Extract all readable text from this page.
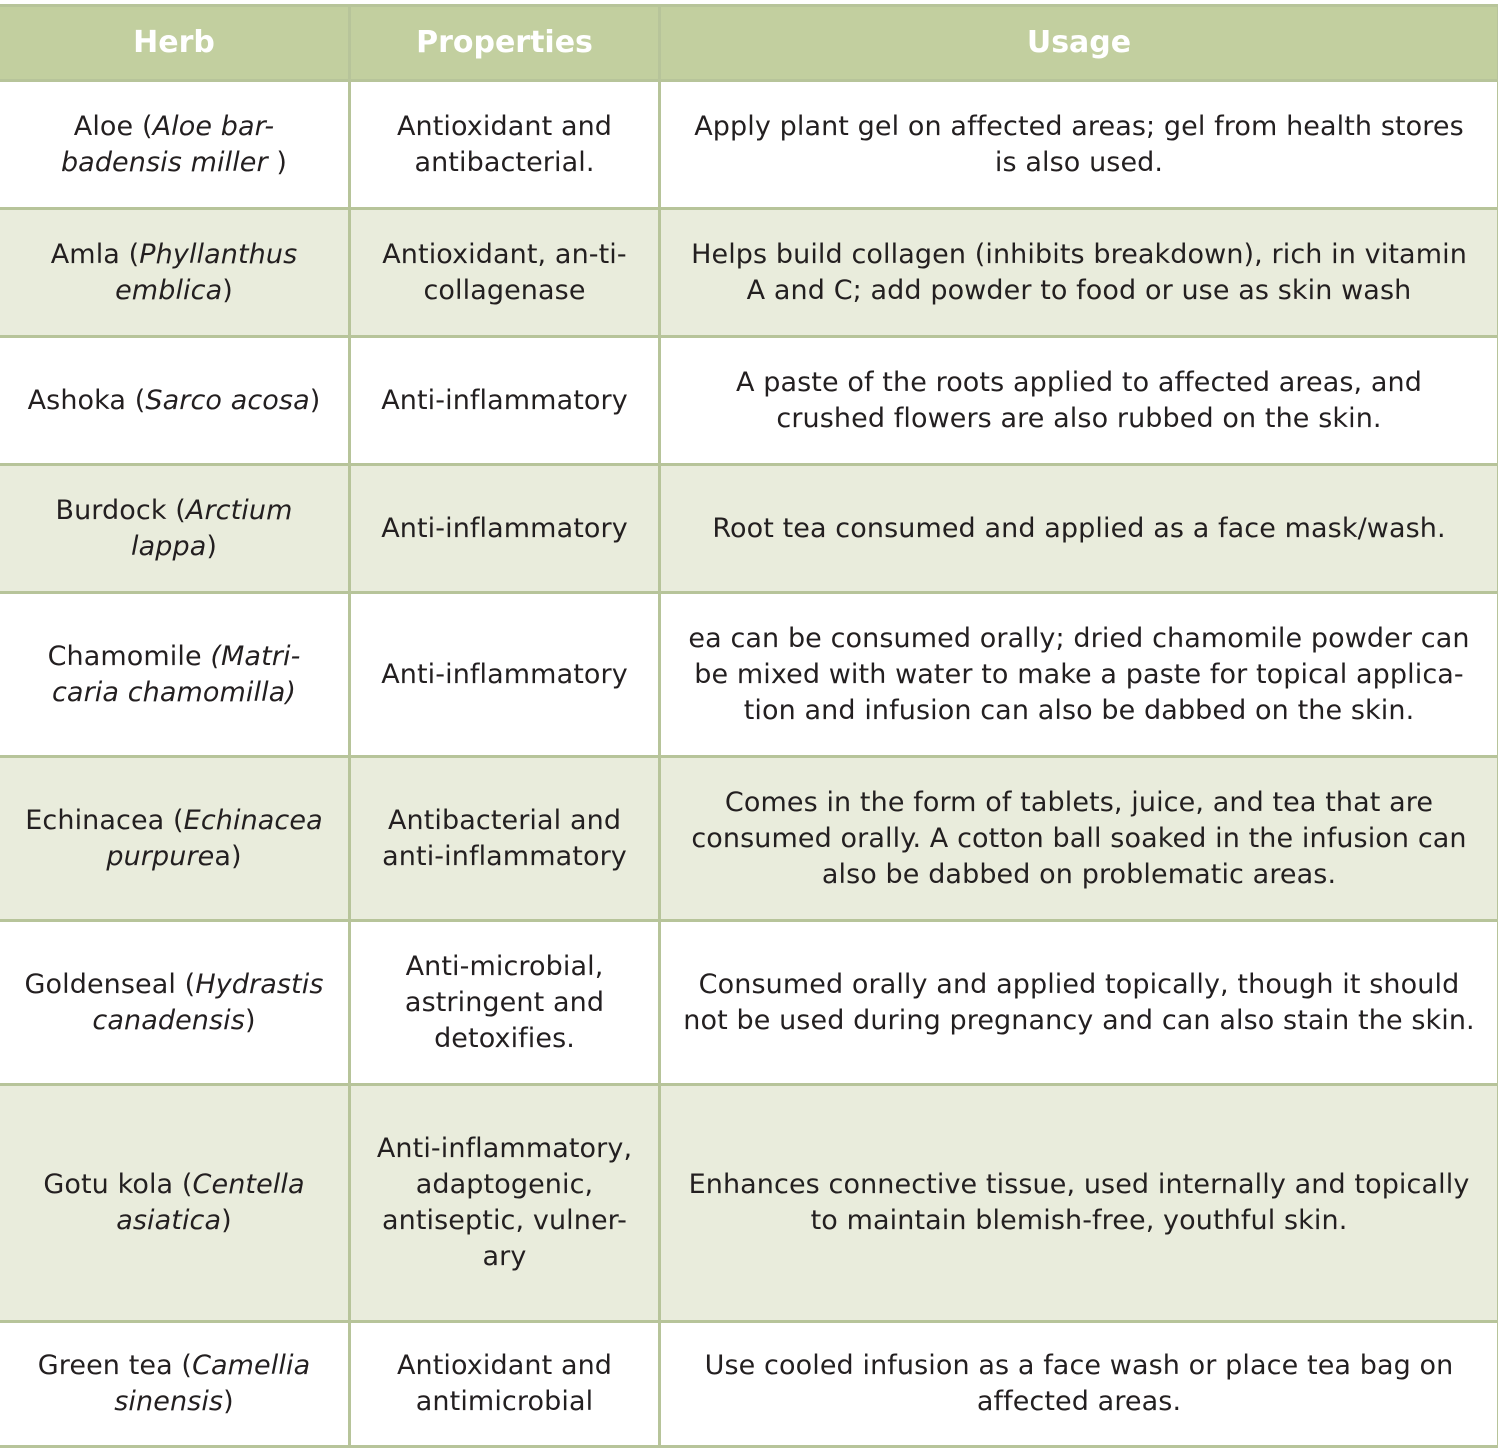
Herb	Properties	Usage
Aloe (Aloe bar-badensis miller )	Antioxidant and antibacterial.	Apply plant gel on affected areas; gel from health stores is also used.
Amla (Phyllanthus emblica)	Antioxidant, an-ti-collagenase	Helps build collagen (inhibits breakdown), rich in vitamin A and C; add powder to food or use as skin wash
Ashoka (Sarco acosa)	Anti-inflammatory	A paste of the roots applied to affected areas, and crushed flowers are also rubbed on the skin.
Burdock (Arctium lappa)	Anti-inflammatory	Root tea consumed and applied as a face mask/wash.
Chamomile (Matri-caria chamomilla)	Anti-inflammatory	ea can be consumed orally; dried chamomile powder can be mixed with water to make a paste for topical applica-tion and infusion can also be dabbed on the skin.
Echinacea (Echinacea purpurea)	Antibacterial and anti-inflammatory	Comes in the form of tablets, juice, and tea that are consumed orally. A cotton ball soaked in the infusion can also be dabbed on problematic areas.
Goldenseal (Hydrastis canadensis)	Anti-microbial, astringent and detoxifies.	Consumed orally and applied topically, though it should not be used during pregnancy and can also stain the skin.
Gotu kola (Centella asiatica)	Anti-inflammatory, adaptogenic, antiseptic, vulner-ary	Enhances connective tissue, used internally and topically to maintain blemish-free, youthful skin.
Green tea (Camellia sinensis)	Antioxidant and antimicrobial	Use cooled infusion as a face wash or place tea bag on affected areas.
